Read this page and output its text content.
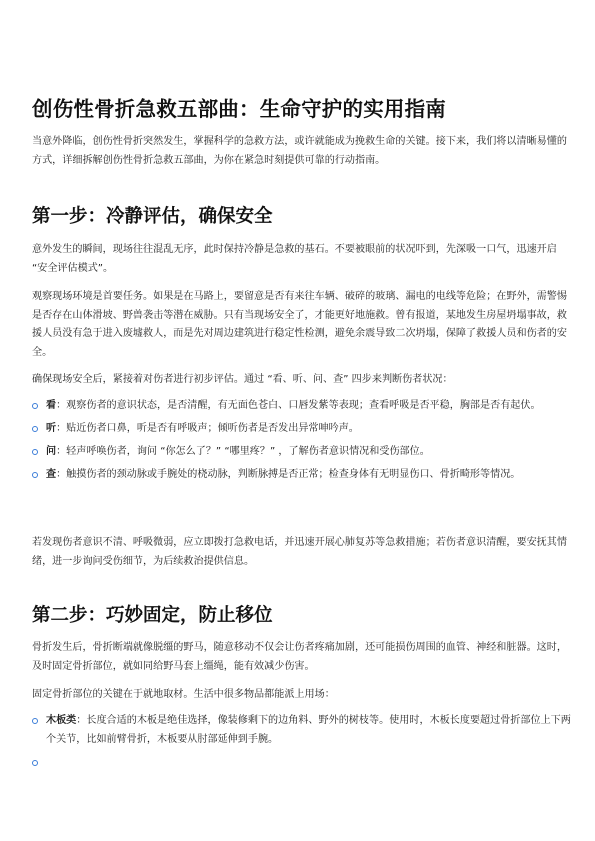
创伤性骨折急救五部曲：生命守护的实用指南

当意外降临，创伤性骨折突然发生，掌握科学的急救方法，或许就能成为挽救生命的关键。接下来，我们将以清晰易懂的方式，详细拆解创伤性骨折急救五部曲，为你在紧急时刻提供可靠的行动指南。

第一步：冷静评估，确保安全

意外发生的瞬间，现场往往混乱无序，此时保持冷静是急救的基石。不要被眼前的状况吓到，先深吸一口气，迅速开启 “安全评估模式”。

观察现场环境是首要任务。如果是在马路上，要留意是否有来往车辆、破碎的玻璃、漏电的电线等危险；在野外，需警惕是否存在山体滑坡、野兽袭击等潜在威胁。只有当现场安全了，才能更好地施救。曾有报道，某地发生房屋坍塌事故，救援人员没有急于进入废墟救人，而是先对周边建筑进行稳定性检测，避免余震导致二次坍塌，保障了救援人员和伤者的安全。

确保现场安全后，紧接着对伤者进行初步评估。通过 “看、听、问、查” 四步来判断伤者状况：

看：观察伤者的意识状态，是否清醒，有无面色苍白、口唇发紫等表现；查看呼吸是否平稳，胸部是否有起伏。
听：贴近伤者口鼻，听是否有呼吸声；倾听伤者是否发出异常呻吟声。
问：轻声呼唤伤者，询问 “你怎么了？” “哪里疼？” ，了解伤者意识情况和受伤部位。
查：触摸伤者的颈动脉或手腕处的桡动脉，判断脉搏是否正常；检查身体有无明显伤口、骨折畸形等情况。

若发现伤者意识不清、呼吸微弱，应立即拨打急救电话，并迅速开展心肺复苏等急救措施；若伤者意识清醒，要安抚其情绪，进一步询问受伤细节，为后续救治提供信息。

第二步：巧妙固定，防止移位

骨折发生后，骨折断端就像脱缰的野马，随意移动不仅会让伤者疼痛加剧，还可能损伤周围的血管、神经和脏器。这时，及时固定骨折部位，就如同给野马套上缰绳，能有效减少伤害。

固定骨折部位的关键在于就地取材。生活中很多物品都能派上用场：

木板类：长度合适的木板是绝佳选择，像装修剩下的边角料、野外的树枝等。使用时，木板长度要超过骨折部位上下两个关节，比如前臂骨折，木板要从肘部延伸到手腕。
